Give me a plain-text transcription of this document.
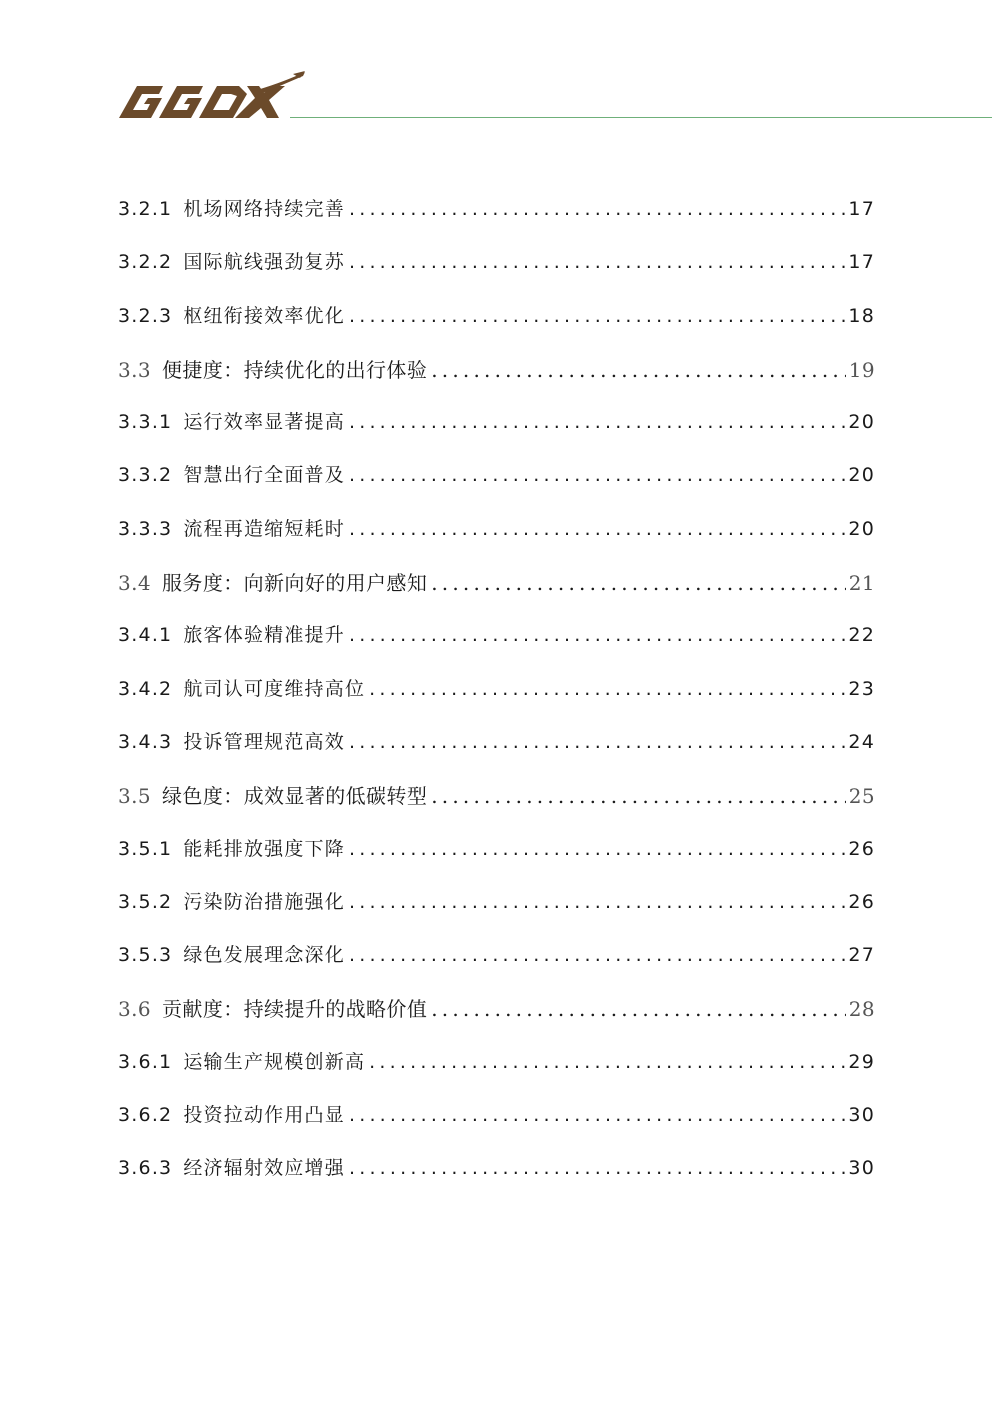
3.2.1 机场网络持续完善 .....	17
3.2.2 国际航线强劲复苏 .....	17
3.2.3 枢纽衔接效率优化 .....	18
3.3 便捷度：持续优化的出行体验 .....	19
3.3.1 运行效率显著提高 .....	20
3.3.2 智慧出行全面普及 .....	20
3.3.3 流程再造缩短耗时 .....	20
3.4 服务度：向新向好的用户感知 .....	21
3.4.1 旅客体验精准提升 .....	22
3.4.2 航司认可度维持高位 .....	23
3.4.3 投诉管理规范高效 .....	24
3.5 绿色度：成效显著的低碳转型 .....	25
3.5.1 能耗排放强度下降 .....	26
3.5.2 污染防治措施强化 .....	26
3.5.3 绿色发展理念深化 .....	27
3.6 贡献度：持续提升的战略价值 .....	28
3.6.1 运输生产规模创新高 .....	29
3.6.2 投资拉动作用凸显 .....	30
3.6.3 经济辐射效应增强 .....	30
